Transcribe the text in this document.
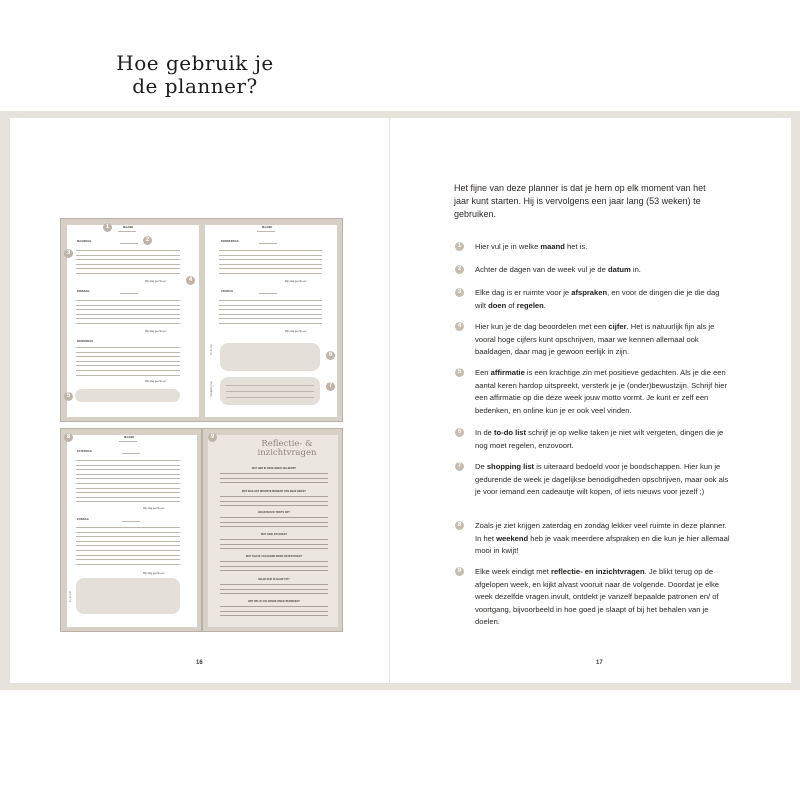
Hoe gebruik je
de planner?
MAAND	MAAND
MAANDAG
DINSDAG
WOENSDAG
DONDERDAG
VRIJDAG
Mijn dag geef ik een
Mijn dag geef ik een
Mijn dag geef ik een
Mijn dag geef ik een
Mijn dag geef ik een
To do list
Shopping list
MAAND
ZATERDAG
ZONDAG
Mijn dag geef ik een
Mijn dag geef ik een
To do list
Reflectie- &
inzichtvragen
WAT HEB IK DEZE WEEK GELEERD?
WAT WAS HET MOOISTE MOMENT VAN DEZE WEEK?
WAAR BEN IK TROTS OP?
WAT GING ER GOED?
WAT KAN IK VOLGENDE WEEK BETER DOEN?
WAAR KIJK IK NAAR UIT?
WAT WIL IK VOLGENDE WEEK BEREIKEN?
1
2
3
4
5
6
7
8	9
16
Het fijne van deze planner is dat je hem op elk moment van het jaar kunt starten. Hij is vervolgens een jaar lang (53 weken) te gebruiken.
1	Hier vul je in welke maand het is.

2	Achter de dagen van de week vul je de datum in.

3	Elke dag is er ruimte voor je afspraken, en voor de dingen die je die dag wilt doen of regelen.

4	Hier kun je de dag beoordelen met een cijfer. Het is natuurlijk fijn als je vooral hoge cijfers kunt opschrijven, maar we kennen allemaal ook baaldagen, daar mag je gewoon eerlijk in zijn.

5	Een affirmatie is een krachtige zin met positieve gedachten. Als je die een aantal keren hardop uitspreekt, versterk je je (onder)bewustzijn. Schrijf hier een affirmatie op die deze week jouw motto vormt. Je kunt er zelf een bedenken, en online kun je er ook veel vinden.

6	In de to-do list schrijf je op welke taken je niet wilt vergeten, dingen die je nog moet regelen, enzovoort.

7	De shopping list is uiteraard bedoeld voor je boodschappen. Hier kun je gedurende de week je dagelijkse benodigdheden opschrijven, maar ook als je voor iemand een cadeautje wilt kopen, of iets nieuws voor jezelf ;)

8	Zoals je ziet krijgen zaterdag en zondag lekker veel ruimte in deze planner. In het weekend heb je vaak meerdere afspraken en die kun je hier allemaal mooi in kwijt!

9	Elke week eindigt met reflectie- en inzichtvragen. Je blikt terug op de afgelopen week, en kijkt alvast vooruit naar de volgende. Doordat je elke week dezelfde vragen invult, ontdekt je vanzelf bepaalde patronen en/ of voortgang, bijvoorbeeld in hoe goed je slaapt of bij het behalen van je doelen.

17
